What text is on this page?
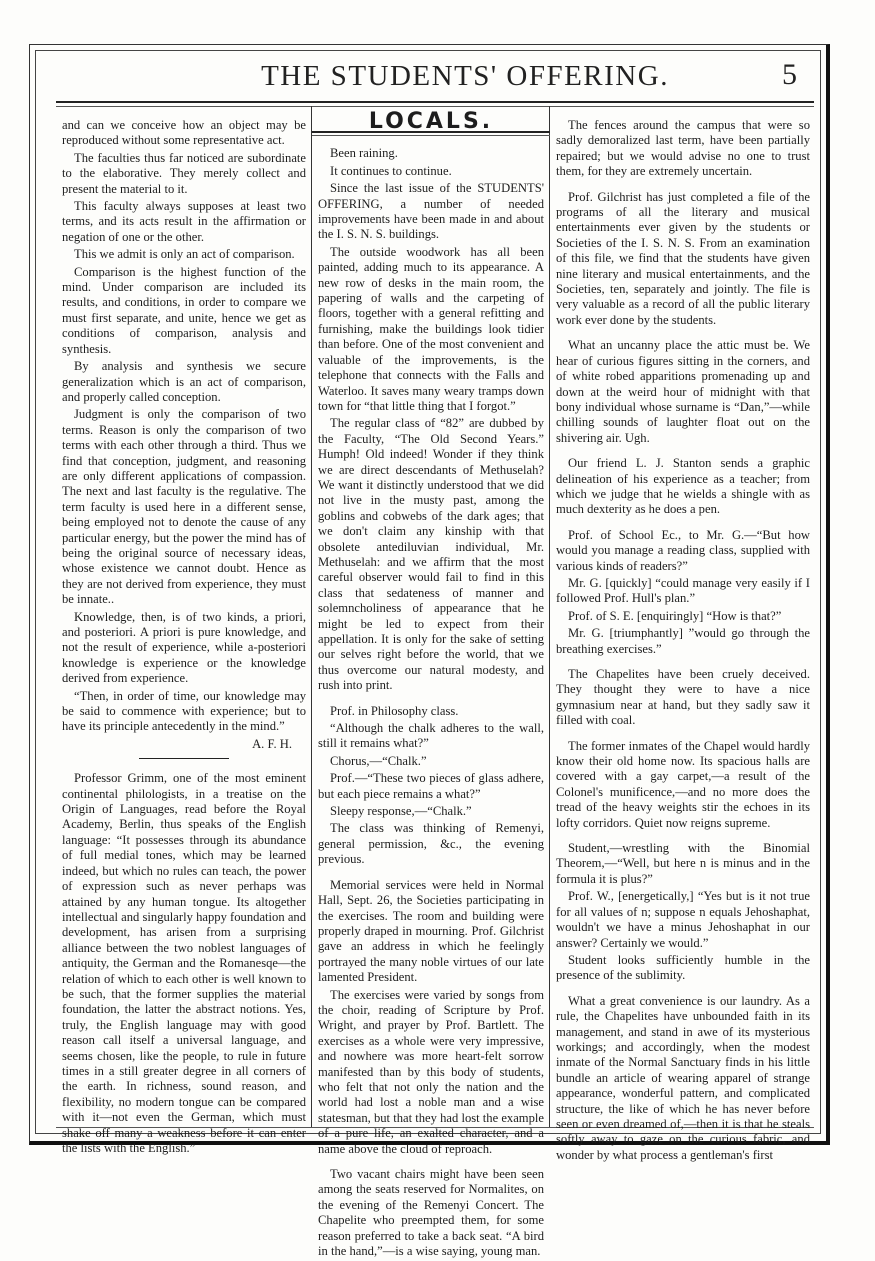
THE STUDENTS' OFFERING.	5

and can we conceive how an object may be reproduced without some representative act.

The faculties thus far noticed are subordinate to the elaborative. They merely collect and present the material to it.

This faculty always supposes at least two terms, and its acts result in the affirmation or negation of one or the other.

This we admit is only an act of comparison.

Comparison is the highest function of the mind. Under comparison are included its results, and conditions, in order to compare we must first separate, and unite, hence we get as conditions of comparison, analysis and synthesis.

By analysis and synthesis we secure generalization which is an act of comparison, and properly called conception.

Judgment is only the comparison of two terms. Reason is only the comparison of two terms with each other through a third. Thus we find that conception, judgment, and reasoning are only different applications of compassion. The next and last faculty is the regulative. The term faculty is used here in a different sense, being employed not to denote the cause of any particular energy, but the power the mind has of being the original source of necessary ideas, whose existence we cannot doubt. Hence as they are not derived from experience, they must be innate..

Knowledge, then, is of two kinds, a priori, and posteriori. A priori is pure knowledge, and not the result of experience, while a-posteriori knowledge is experience or the knowledge derived from experience.

“Then, in order of time, our knowledge may be said to commence with experience; but to have its principle antecedently in the mind.”

A. F. H.

Professor Grimm, one of the most eminent continental philologists, in a treatise on the Origin of Languages, read before the Royal Academy, Berlin, thus speaks of the English language: “It possesses through its abundance of full medial tones, which may be learned indeed, but which no rules can teach, the power of expression such as never perhaps was attained by any human tongue. Its altogether intellectual and singularly happy foundation and development, has arisen from a surprising alliance between the two noblest languages of antiquity, the German and the Romanesqe—the relation of which to each other is well known to be such, that the former supplies the material foundation, the latter the abstract notions. Yes, truly, the English language may with good reason call itself a universal language, and seems chosen, like the people, to rule in future times in a still greater degree in all corners of the earth. In richness, sound reason, and flexibility, no modern tongue can be compared with it—not even the German, which must shake off many a weakness before it can enter the lists with the English.”

LOCALS.

Been raining.

It continues to continue.

Since the last issue of the STUDENTS' OFFERING, a number of needed improvements have been made in and about the I. S. N. S. buildings.

The outside woodwork has all been painted, adding much to its appearance. A new row of desks in the main room, the papering of walls and the carpeting of floors, together with a general refitting and furnishing, make the buildings look tidier than before. One of the most convenient and valuable of the improvements, is the telephone that connects with the Falls and Waterloo. It saves many weary tramps down town for “that little thing that I forgot.”

The regular class of “82” are dubbed by the Faculty, “The Old Second Years.” Humph! Old indeed! Wonder if they think we are direct descendants of Methuselah? We want it distinctly understood that we did not live in the musty past, among the goblins and cobwebs of the dark ages; that we don't claim any kinship with that obsolete antediluvian individual, Mr. Methuselah: and we affirm that the most careful observer would fail to find in this class that sedateness of manner and solemncholiness of appearance that he might be led to expect from their appellation. It is only for the sake of setting our selves right before the world, that we thus overcome our natural modesty, and rush into print.

Prof. in Philosophy class.

“Although the chalk adheres to the wall, still it remains what?”

Chorus,—“Chalk.”

Prof.—“These two pieces of glass adhere, but each piece remains a what?”

Sleepy response,—“Chalk.”

The class was thinking of Remenyi, general permission, &c., the evening previous.

Memorial services were held in Normal Hall, Sept. 26, the Societies participating in the exercises. The room and building were properly draped in mourning. Prof. Gilchrist gave an address in which he feelingly portrayed the many noble virtues of our late lamented President.

The exercises were varied by songs from the choir, reading of Scripture by Prof. Wright, and prayer by Prof. Bartlett. The exercises as a whole were very impressive, and nowhere was more heart-felt sorrow manifested than by this body of students, who felt that not only the nation and the world had lost a noble man and a wise statesman, but that they had lost the example of a pure life, an exalted character, and a name above the cloud of reproach.

Two vacant chairs might have been seen among the seats reserved for Normalites, on the evening of the Remenyi Concert. The Chapelite who preempted them, for some reason preferred to take a back seat. “A bird in the hand,”—is a wise saying, young man.

The fences around the campus that were so sadly demoralized last term, have been partially repaired; but we would advise no one to trust them, for they are extremely uncertain.

Prof. Gilchrist has just completed a file of the programs of all the literary and musical entertainments ever given by the students or Societies of the I. S. N. S. From an examination of this file, we find that the students have given nine literary and musical entertainments, and the Societies, ten, separately and jointly. The file is very valuable as a record of all the public literary work ever done by the students.

What an uncanny place the attic must be. We hear of curious figures sitting in the corners, and of white robed apparitions promenading up and down at the weird hour of midnight with that bony individual whose surname is “Dan,”—while chilling sounds of laughter float out on the shivering air. Ugh.

Our friend L. J. Stanton sends a graphic delineation of his experience as a teacher; from which we judge that he wields a shingle with as much dexterity as he does a pen.

Prof. of School Ec., to Mr. G.—“But how would you manage a reading class, supplied with various kinds of readers?”

Mr. G. [quickly] “could manage very easily if I followed Prof. Hull's plan.”

Prof. of S. E. [enquiringly] “How is that?”

Mr. G. [triumphantly] ”would go through the breathing exercises.”

The Chapelites have been cruely deceived. They thought they were to have a nice gymnasium near at hand, but they sadly saw it filled with coal.

The former inmates of the Chapel would hardly know their old home now. Its spacious halls are covered with a gay carpet,—a result of the Colonel's munificence,—and no more does the tread of the heavy weights stir the echoes in its lofty corridors. Quiet now reigns supreme.

Student,—wrestling with the Binomial Theorem,—“Well, but here n is minus and in the formula it is plus?”

Prof. W., [energetically,] “Yes but is it not true for all values of n; suppose n equals Jehoshaphat, wouldn't we have a minus Jehoshaphat in our answer? Certainly we would.”

Student looks sufficiently humble in the presence of the sublimity.

What a great convenience is our laundry. As a rule, the Chapelites have unbounded faith in its management, and stand in awe of its mysterious workings; and accordingly, when the modest inmate of the Normal Sanctuary finds in his little bundle an article of wearing apparel of strange appearance, wonderful pattern, and complicated structure, the like of which he has never before seen or even dreamed of,—then it is that he steals softly away to gaze on the curious fabric, and wonder by what process a gentleman's first
